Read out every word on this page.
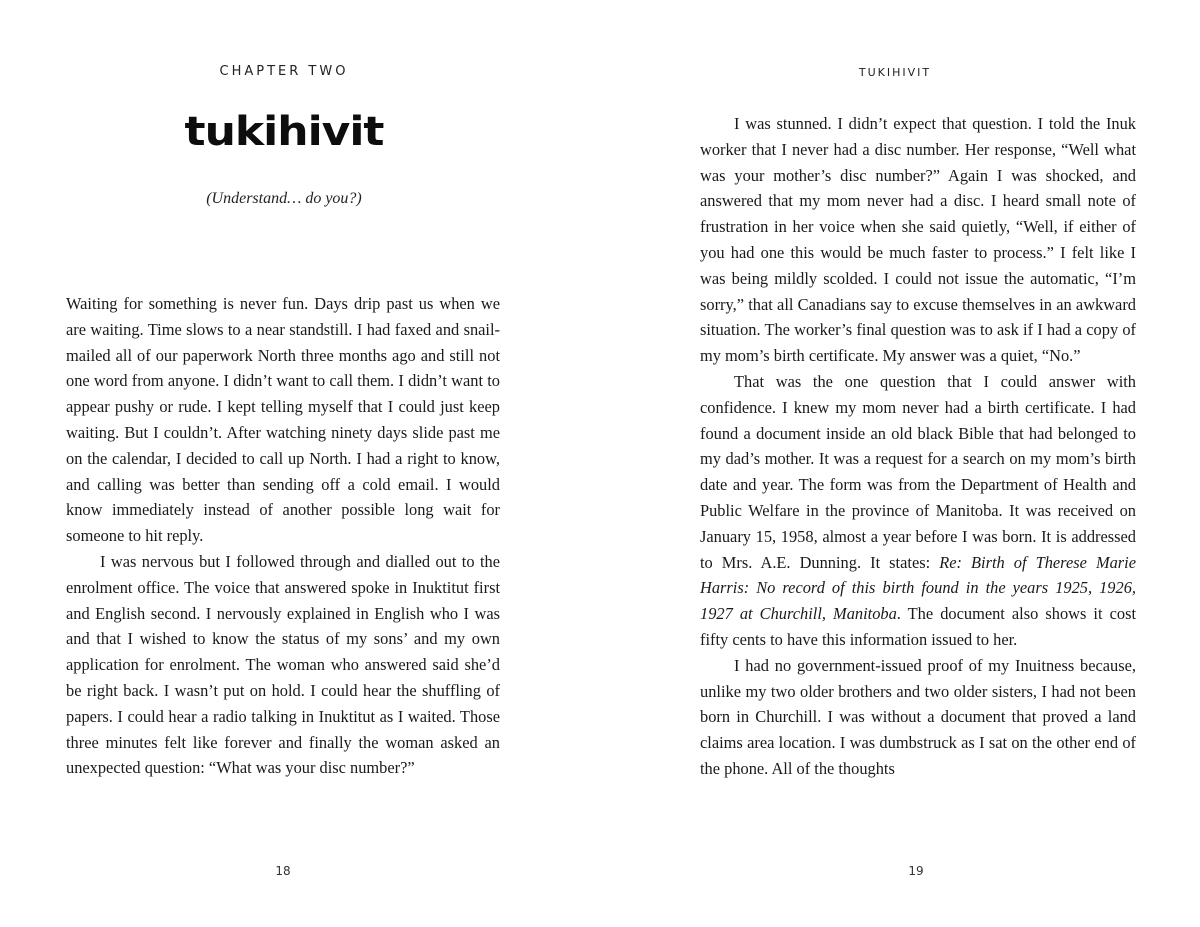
CHAPTER TWO
tukihivit
(Understand… do you?)

Waiting for something is never fun. Days drip past us when we are waiting. Time slows to a near standstill. I had faxed and snail-mailed all of our paperwork North three months ago and still not one word from anyone. I didn’t want to call them. I didn’t want to appear pushy or rude. I kept telling myself that I could just keep waiting. But I couldn’t. After watching ninety days slide past me on the calendar, I decided to call up North. I had a right to know, and calling was better than sending off a cold email. I would know immediately instead of another possible long wait for someone to hit reply.

I was nervous but I followed through and dialled out to the enrolment office. The voice that answered spoke in Inuktitut first and English second. I nervously explained in English who I was and that I wished to know the status of my sons’ and my own application for enrolment. The woman who answered said she’d be right back. I wasn’t put on hold. I could hear the shuffling of papers. I could hear a radio talking in Inuktitut as I waited. Those three minutes felt like forever and finally the woman asked an unexpected question: “What was your disc number?”

18
TUKIHIVIT

I was stunned. I didn’t expect that question. I told the Inuk worker that I never had a disc number. Her response, “Well what was your mother’s disc number?” Again I was shocked, and answered that my mom never had a disc. I heard small note of frustration in her voice when she said quietly, “Well, if either of you had one this would be much faster to process.” I felt like I was being mildly scolded. I could not issue the automatic, “I’m sorry,” that all Canadians say to excuse themselves in an awkward situation. The worker’s final question was to ask if I had a copy of my mom’s birth certificate. My answer was a quiet, “No.”

That was the one question that I could answer with confidence. I knew my mom never had a birth certificate. I had found a document inside an old black Bible that had belonged to my dad’s mother. It was a request for a search on my mom’s birth date and year. The form was from the Department of Health and Public Welfare in the province of Manitoba. It was received on January 15, 1958, almost a year before I was born. It is addressed to Mrs. A.E. Dunning. It states: Re: Birth of Therese Marie Harris: No record of this birth found in the years 1925, 1926, 1927 at Churchill, Manitoba. The document also shows it cost fifty cents to have this information issued to her.

I had no government-issued proof of my Inuitness because, unlike my two older brothers and two older sisters, I had not been born in Churchill. I was without a document that proved a land claims area location. I was dumbstruck as I sat on the other end of the phone. All of the thoughts

19
